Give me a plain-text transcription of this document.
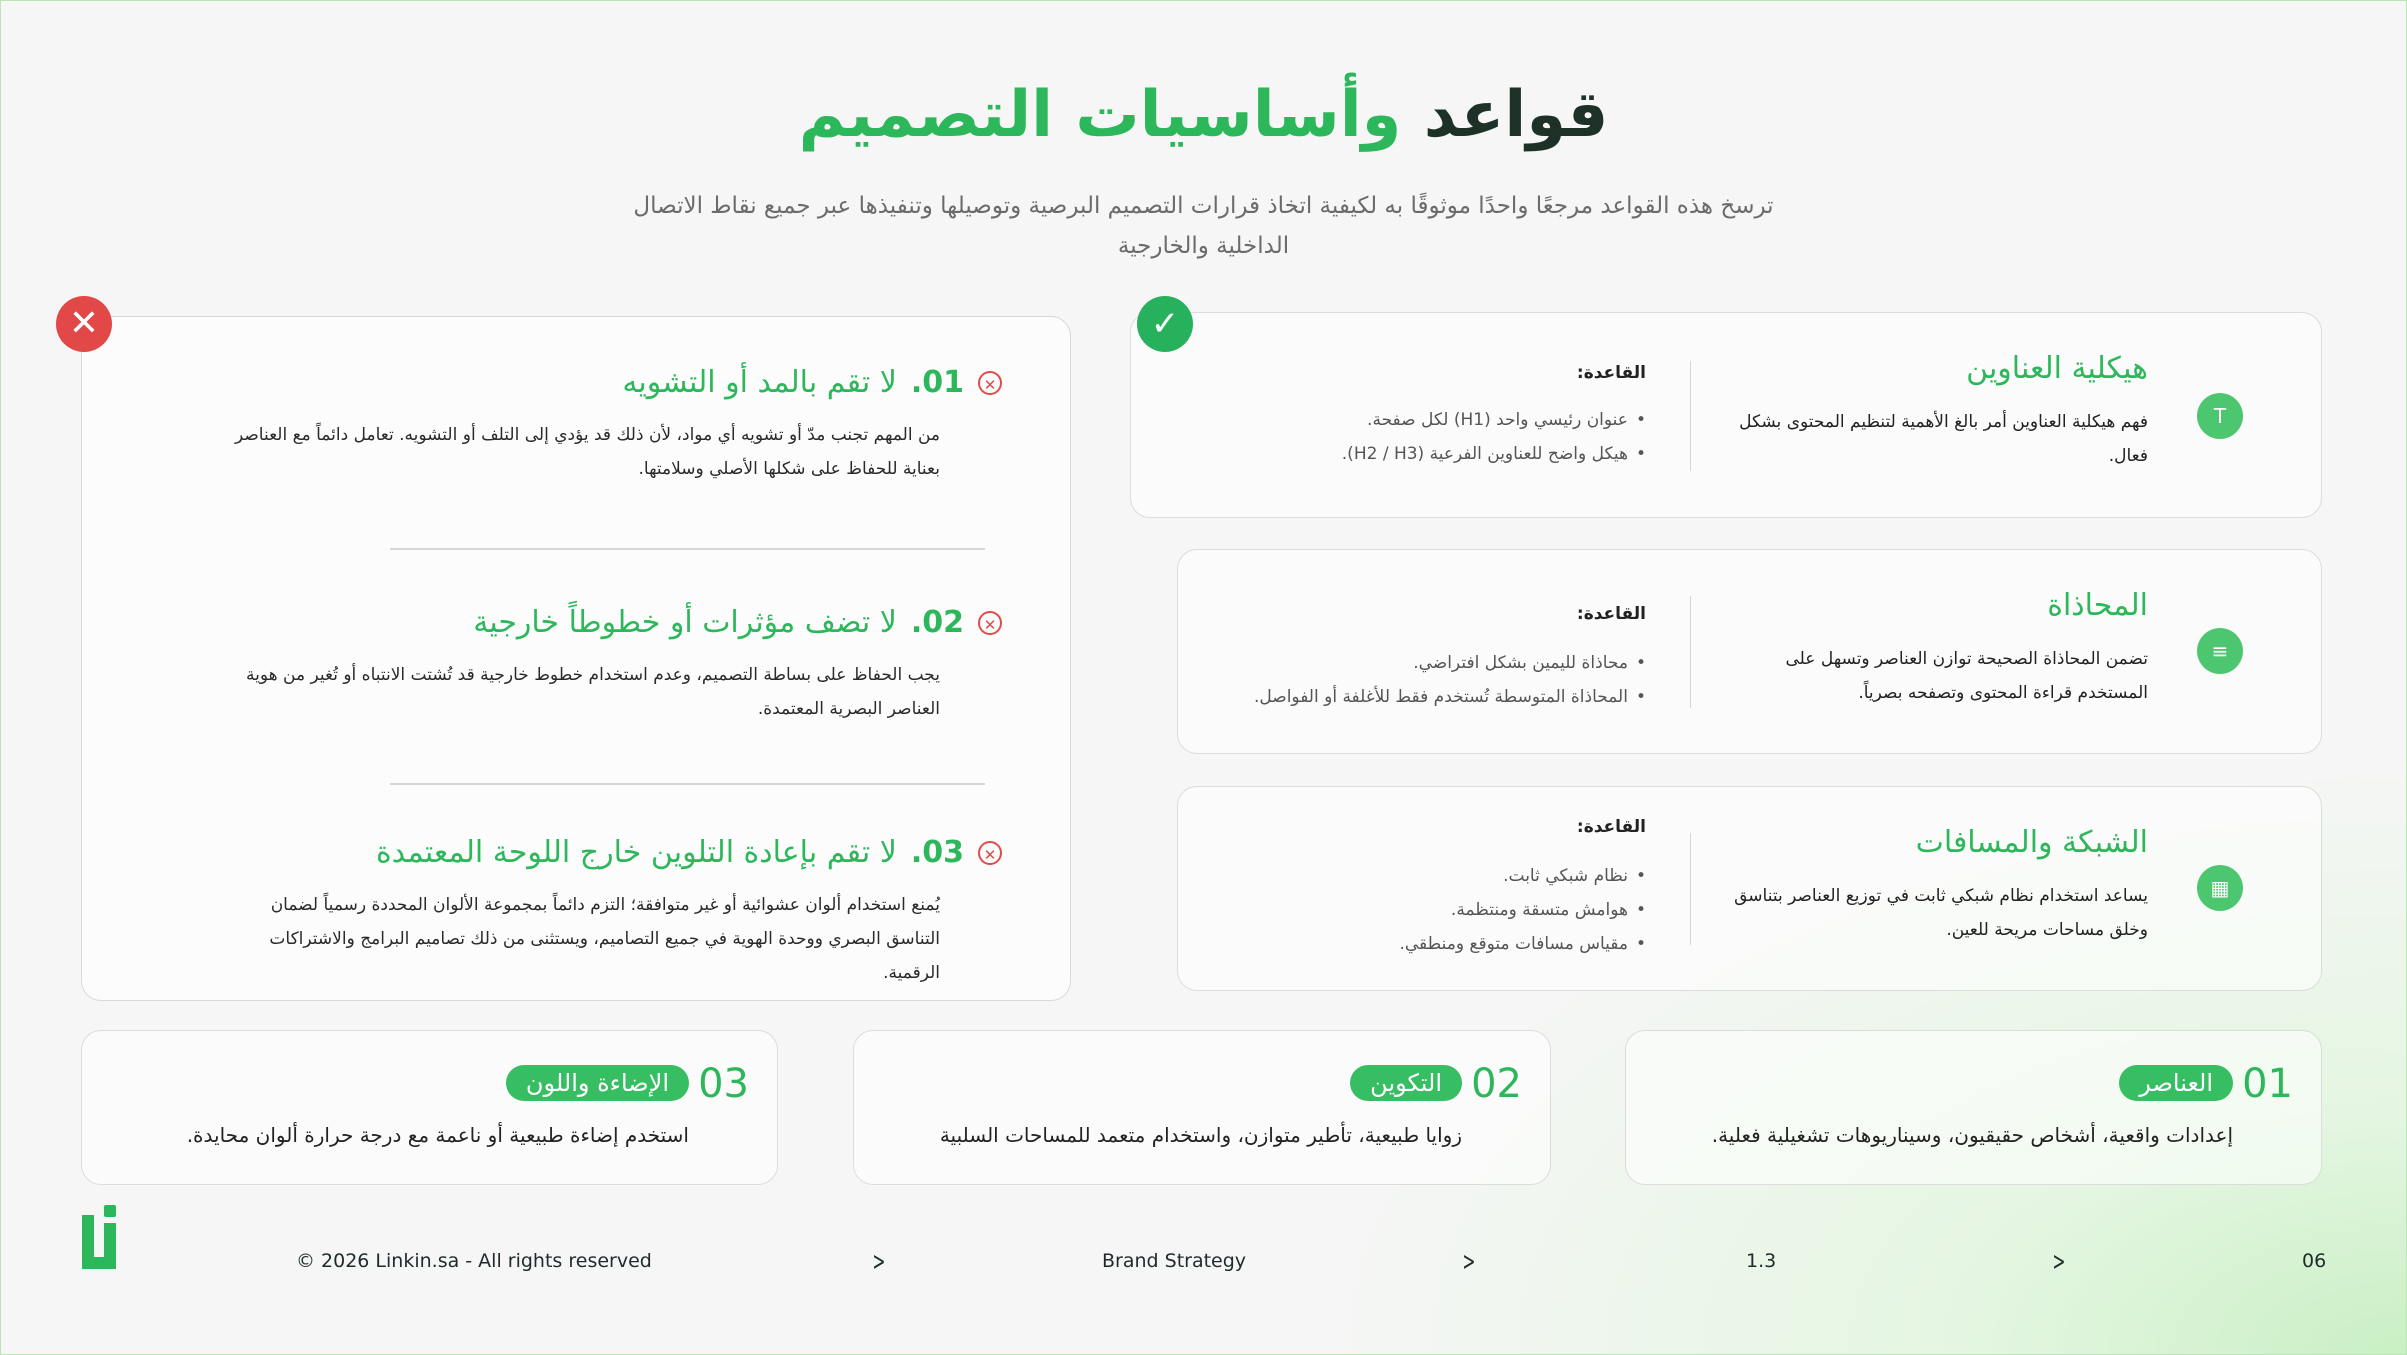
قواعد وأساسيات التصميم

ترسخ هذه القواعد مرجعًا واحدًا موثوقًا به لكيفية اتخاذ قرارات التصميم البرصية وتوصيلها وتنفيذها عبر جميع نقاط الاتصال الداخلية والخارجية

✕
01.
لا تقم بالمد أو التشويه
من المهم تجنب مدّ أو تشويه أي مواد، لأن ذلك قد يؤدي إلى التلف أو التشويه. تعامل دائماً مع العناصر بعناية للحفاظ على شكلها الأصلي وسلامتها.
✕
02.
لا تضف مؤثرات أو خطوطاً خارجية
يجب الحفاظ على بساطة التصميم، وعدم استخدام خطوط خارجية قد تُشتت الانتباه أو تُغير من هوية العناصر البصرية المعتمدة.
✕
03.
لا تقم بإعادة التلوين خارج اللوحة المعتمدة
يُمنع استخدام ألوان عشوائية أو غير متوافقة؛ التزم دائماً بمجموعة الألوان المحددة رسمياً لضمان التناسق البصري ووحدة الهوية في جميع التصاميم، ويستثنى من ذلك تصاميم البرامج والاشتراكات الرقمية.
✕
T
هيكلية العناوين
فهم هيكلية العناوين أمر بالغ الأهمية لتنظيم المحتوى بشكل فعال.
القاعدة:
• عنوان رئيسي واحد (H1) لكل صفحة.
• هيكل واضح للعناوين الفرعية (H2 / H3).
✓
≡
المحاذاة
تضمن المحاذاة الصحيحة توازن العناصر وتسهل على المستخدم قراءة المحتوى وتصفحه بصرياً.
القاعدة:
• محاذاة لليمين بشكل افتراضي.
• المحاذاة المتوسطة تُستخدم فقط للأغلفة أو الفواصل.
▦
الشبكة والمسافات
يساعد استخدام نظام شبكي ثابت في توزيع العناصر بتناسق وخلق مساحات مريحة للعين.
القاعدة:
• نظام شبكي ثابت.
• هوامش متسقة ومنتظمة.
• مقياس مسافات متوقع ومنطقي.
01
العناصر
إعدادات واقعية، أشخاص حقيقيون، وسيناريوهات تشغيلية فعلية.
02
التكوين
زوايا طبيعية، تأطير متوازن، واستخدام متعمد للمساحات السلبية
03
الإضاءة واللون
استخدم إضاءة طبيعية أو ناعمة مع درجة حرارة ألوان محايدة.
© 2026 Linkin.sa - All rights reserved	>	Brand Strategy	>	1.3	>	06
